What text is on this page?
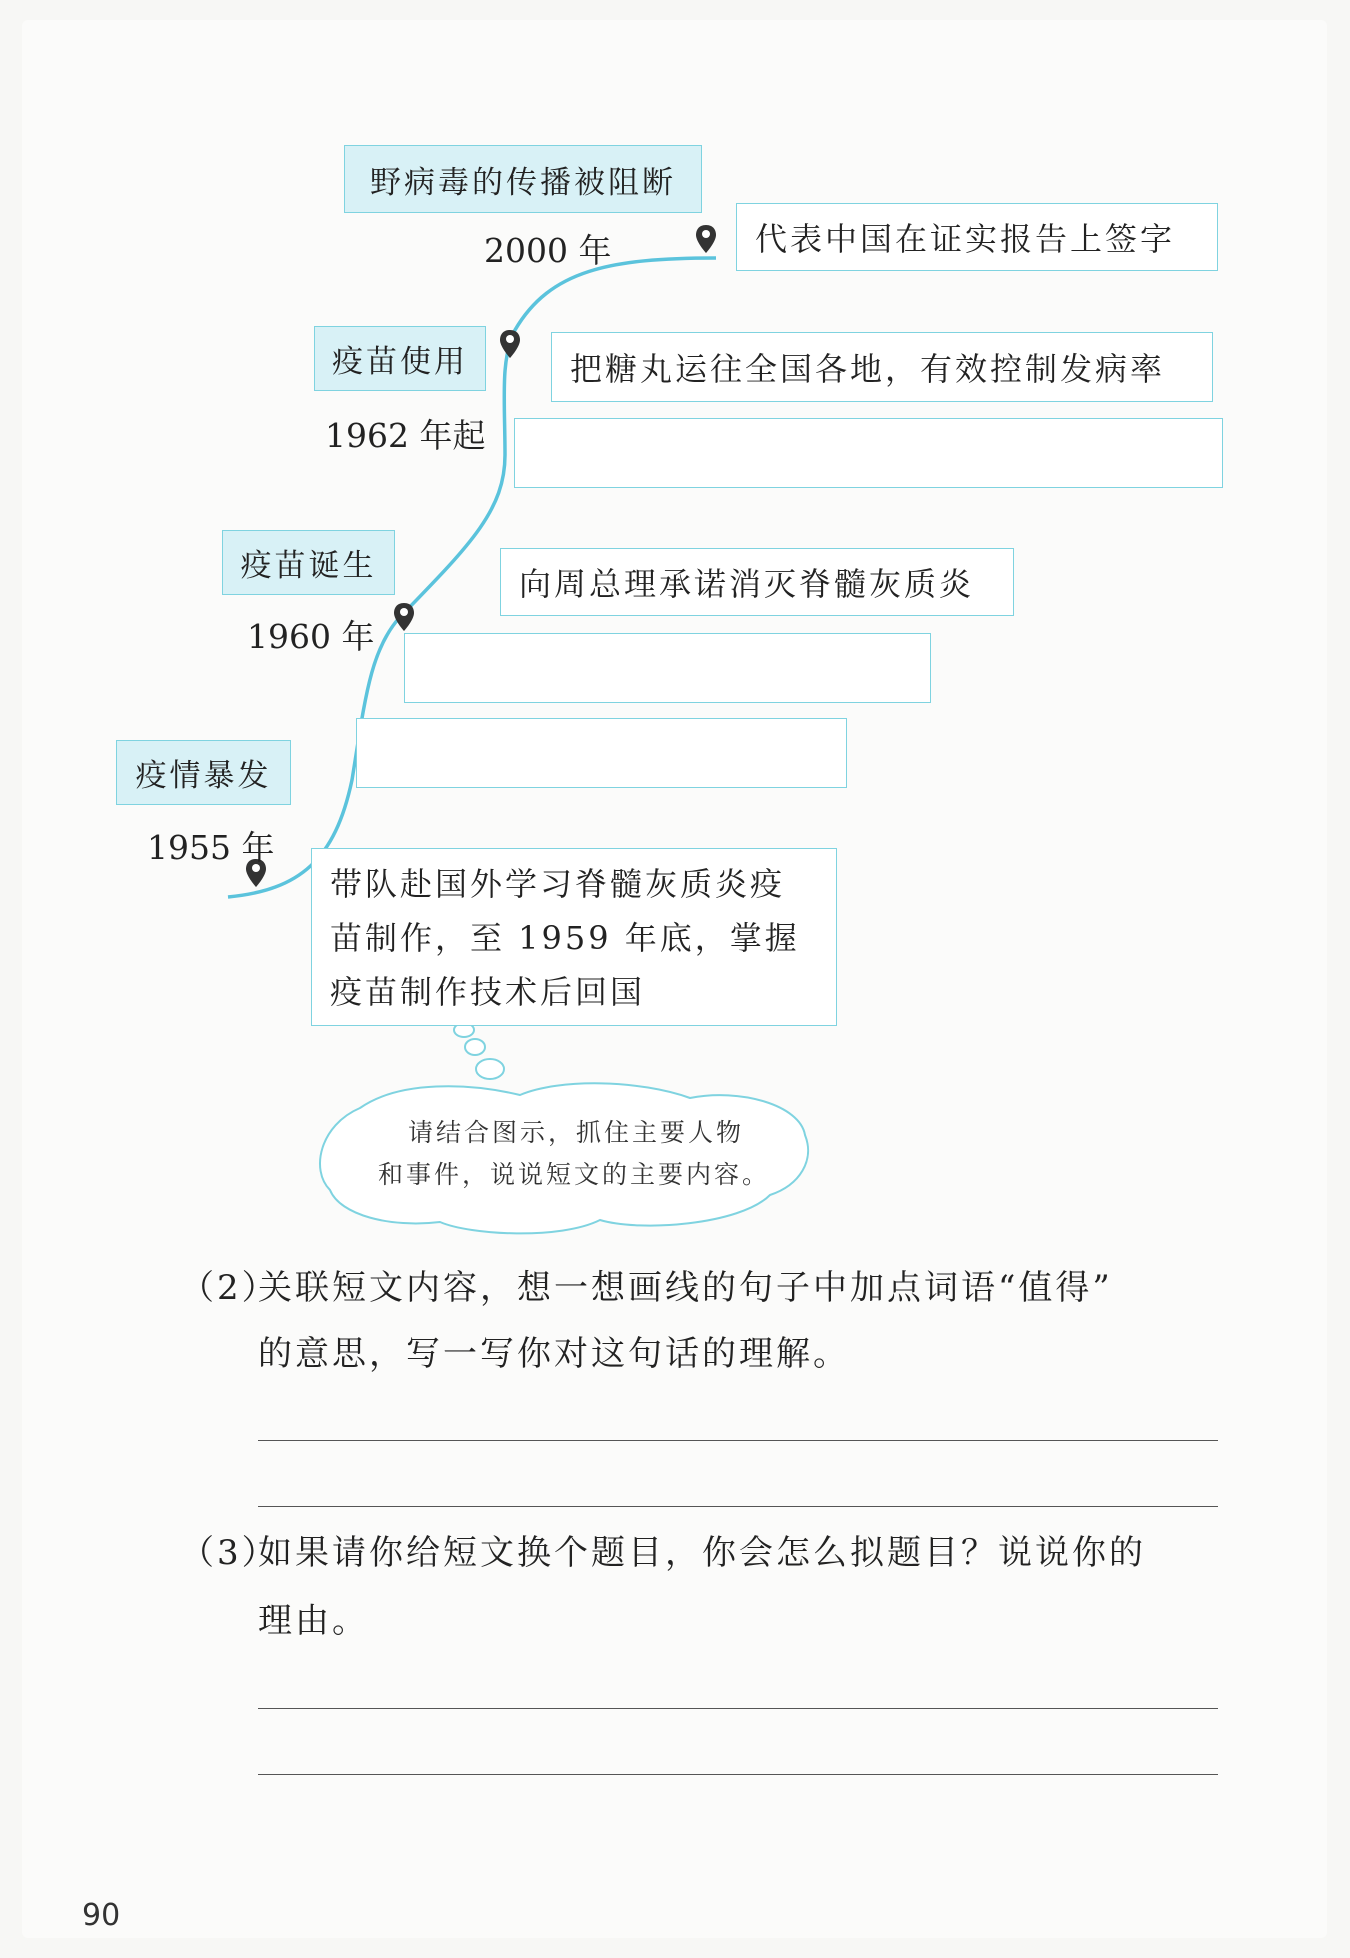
疫情暴发
1955 年
疫苗诞生
1960 年
疫苗使用
1962 年起
野病毒的传播被阻断
2000 年
带队赴国外学习脊髓灰质炎疫
苗制作，至 1959 年底，掌握
疫苗制作技术后回国
向周总理承诺消灭脊髓灰质炎
把糖丸运往全国各地，有效控制发病率
代表中国在证实报告上签字
请结合图示，抓住主要人物
和事件，说说短文的主要内容。
（2）
关联短文内容，想一想画线的句子中加点词语“值得”
的意思，写一写你对这句话的理解。
（3）
如果请你给短文换个题目，你会怎么拟题目？说说你的
理由。
90
